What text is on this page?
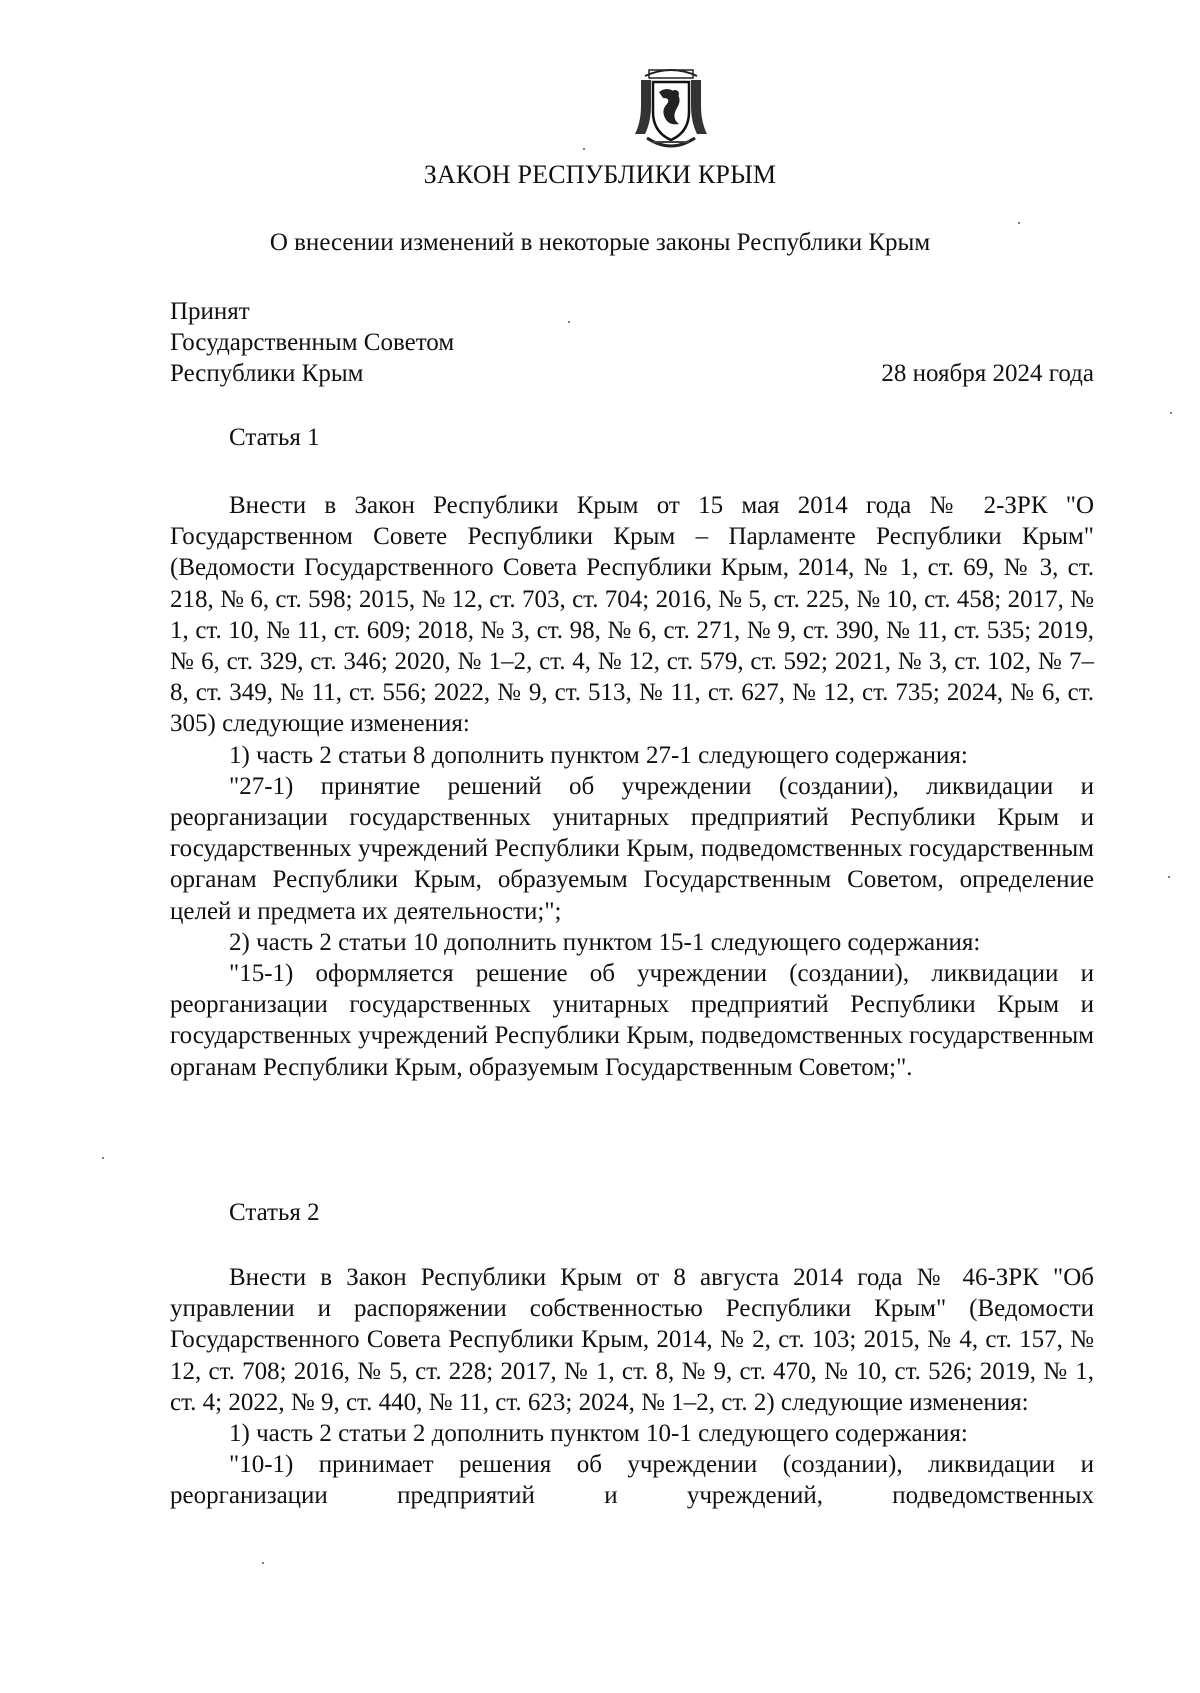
ЗАКОН РЕСПУБЛИКИ КРЫМ
О внесении изменений в некоторые законы Республики Крым
Принят
Государственным Советом
Республики Крым	28 ноября 2024 года
Статья 1

Внести в Закон Республики Крым от 15 мая 2014 года № 2-ЗРК "О Государственном Совете Республики Крым – Парламенте Республики Крым" (Ведомости Государственного Совета Республики Крым, 2014, № 1, ст. 69, № 3, ст. 218, № 6, ст. 598; 2015, № 12, ст. 703, ст. 704; 2016, № 5, ст. 225, № 10, ст. 458; 2017, № 1, ст. 10, № 11, ст. 609; 2018, № 3, ст. 98, № 6, ст. 271, № 9, ст. 390, № 11, ст. 535; 2019, № 6, ст. 329, ст. 346; 2020, № 1–2, ст. 4, № 12, ст. 579, ст. 592; 2021, № 3, ст. 102, № 7–8, ст. 349, № 11, ст. 556; 2022, № 9, ст. 513, № 11, ст. 627, № 12, ст. 735; 2024, № 6, ст. 305) следующие изменения:

1) часть 2 статьи 8 дополнить пунктом 27-1 следующего содержания:

"27-1) принятие решений об учреждении (создании), ликвидации и реорганизации государственных унитарных предприятий Республики Крым и государственных учреждений Республики Крым, подведомственных государственным органам Республики Крым, образуемым Государственным Советом, определение целей и предмета их деятельности;";

2) часть 2 статьи 10 дополнить пунктом 15-1 следующего содержания:

"15-1) оформляется решение об учреждении (создании), ликвидации и реорганизации государственных унитарных предприятий Республики Крым и государственных учреждений Республики Крым, подведомственных государственным органам Республики Крым, образуемым Государственным Советом;".

Статья 2

Внести в Закон Республики Крым от 8 августа 2014 года № 46-ЗРК "Об управлении и распоряжении собственностью Республики Крым" (Ведомости Государственного Совета Республики Крым, 2014, № 2, ст. 103; 2015, № 4, ст. 157, № 12, ст. 708; 2016, № 5, ст. 228; 2017, № 1, ст. 8, № 9, ст. 470, № 10, ст. 526; 2019, № 1, ст. 4; 2022, № 9, ст. 440, № 11, ст. 623; 2024, № 1–2, ст. 2) следующие изменения:

1) часть 2 статьи 2 дополнить пунктом 10-1 следующего содержания:

"10-1) принимает решения об учреждении (создании), ликвидации и реорганизации предприятий и учреждений, подведомственных
